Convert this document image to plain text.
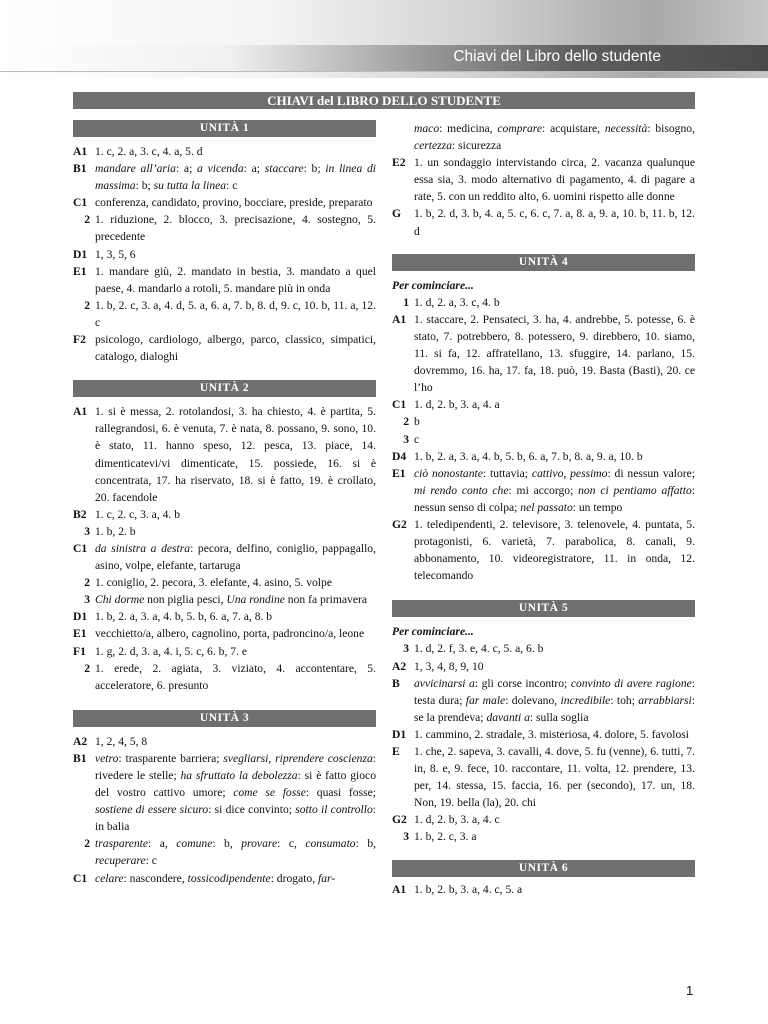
Chiavi del Libro dello studente
CHIAVI del LIBRO DELLO STUDENTE
UNITÀ 1
A1 1. c, 2. a, 3. c, 4. a, 5. d
B1 mandare all’aria: a; a vicenda: a; staccare: b; in linea di massima: b; su tutta la linea: c
C1 conferenza, candidato, provino, bocciare, preside, preparato
2 1. riduzione, 2. blocco, 3. precisazione, 4. sostegno, 5. precedente
D1 1, 3, 5, 6
E1 1. mandare giù, 2. mandato in bestia, 3. mandato a quel paese, 4. mandarlo a rotoli, 5. mandare più in onda
2 1. b, 2. c, 3. a, 4. d, 5. a, 6. a, 7. b, 8. d, 9. c, 10. b, 11. a, 12. c
F2 psicologo, cardiologo, albergo, parco, classico, simpatici, catalogo, dialoghi
UNITÀ 2
A1 1. si è messa, 2. rotolandosi, 3. ha chiesto, 4. è partita, 5. rallegrandosi, 6. è venuta, 7. è nata, 8. possano, 9. sono, 10. è stato, 11. hanno speso, 12. pesca, 13. piace, 14. dimenticatevi/vi dimenticate, 15. possiede, 16. si è concentrata, 17. ha riservato, 18. si è fatto, 19. è crollato, 20. facendole
B2 1. c, 2. c, 3. a, 4. b
3 1. b, 2. b
C1 da sinistra a destra: pecora, delfino, coniglio, pappagallo, asino, volpe, elefante, tartaruga
2 1. coniglio, 2. pecora, 3. elefante, 4. asino, 5. volpe
3 Chi dorme non piglia pesci, Una rondine non fa primavera
D1 1. b, 2. a, 3. a, 4. b, 5. b, 6. a, 7. a, 8. b
E1 vecchietto/a, albero, cagnolino, porta, padroncino/a, leone
F1 1. g, 2. d, 3. a, 4. i, 5. c, 6. b, 7. e
2 1. erede, 2. agiata, 3. viziato, 4. accontentare, 5. acceleratore, 6. presunto
UNITÀ 3
A2 1, 2, 4, 5, 8
B1 vetro: trasparente barriera; svegliarsi, riprendere coscienza: rivedere le stelle; ha sfruttato la debolezza: si è fatto gioco del vostro cattivo umore; come se fosse: quasi fosse; sostiene di essere sicuro: si dice convinto; sotto il controllo: in balia
2 trasparente: a, comune: b, provare: c, consumato: b, recuperare: c
C1 celare: nascondere, tossicodipendente: drogato, far-
maco: medicina, comprare: acquistare, necessità: bisogno, certezza: sicurezza
E2 1. un sondaggio intervistando circa, 2. vacanza qualunque essa sia, 3. modo alternativo di pagamento, 4. di pagare a rate, 5. con un reddito alto, 6. uomini rispetto alle donne
G	1. b, 2. d, 3. b, 4. a, 5. c, 6. c, 7. a, 8. a, 9. a, 10. b, 11. b, 12. d
UNITÀ 4
Per cominciare...
1 1. d, 2. a, 3. c, 4. b
A1 1. staccare, 2. Pensateci, 3. ha, 4. andrebbe, 5. potesse, 6. è stato, 7. potrebbero, 8. potessero, 9. direbbero, 10. siamo, 11. si fa, 12. affratellano, 13. sfuggire, 14. parlano, 15. dovremmo, 16. ha, 17. fa, 18. può, 19. Basta (Basti), 20. ce l’ho
C1 1. d, 2. b, 3. a, 4. a
2 b
3 c
D4 1. b, 2. a, 3. a, 4. b, 5. b, 6. a, 7. b, 8. a, 9. a, 10. b
E1 ciò nonostante: tuttavia; cattivo, pessimo: di nessun valore; mi rendo conto che: mi accorgo; non ci pentiamo affatto: nessun senso di colpa; nel passato: un tempo
G2 1. teledipendenti, 2. televisore, 3. telenovele, 4. puntata, 5. protagonisti, 6. varietà, 7. parabolica, 8. canali, 9. abbonamento, 10. videoregistratore, 11. in onda, 12. telecomando
UNITÀ 5
Per cominciare...
3 1. d, 2. f, 3. e, 4. c, 5. a, 6. b
A2 1, 3, 4, 8, 9, 10
B	avvicinarsi a: gli corse incontro; convinto di avere ragione: testa dura; far male: dolevano, incredibile: toh; arrabbiarsi: se la prendeva; davanti a: sulla soglia
D1 1. cammino, 2. stradale, 3. misteriosa, 4. dolore, 5. favolosi
E	1. che, 2. sapeva, 3. cavalli, 4. dove, 5. fu (venne), 6. tutti, 7. in, 8. e, 9. fece, 10. raccontare, 11. volta, 12. prendere, 13. per, 14. stessa, 15. faccia, 16. per (secondo), 17. un, 18. Non, 19. bella (la), 20. chi
G2 1. d, 2. b, 3. a, 4. c
3 1. b, 2. c, 3. a
UNITÀ 6
A1 1. b, 2. b, 3. a, 4. c, 5. a
1
